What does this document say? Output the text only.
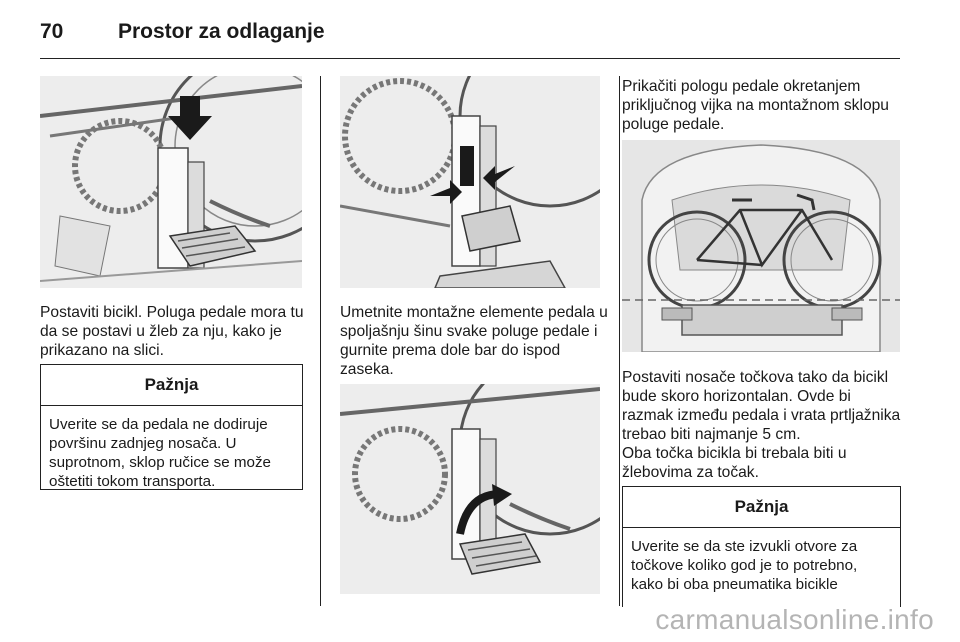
70	Prostor za odlaganje

Postaviti bicikl. Poluga pedale mora tu da se postavi u žleb za nju, kako je prikazano na slici.

Pažnja
Uverite se da pedala ne dodiruje površinu zadnjeg nosača. U suprotnom, sklop ručice se može oštetiti tokom transporta.

Umetnite montažne elemente pedala u spoljašnju šinu svake poluge pedale i gurnite prema dole bar do ispod zaseka.

Prikačiti pologu pedale okretanjem priključnog vijka na montažnom sklopu poluge pedale.

Postaviti nosače točkova tako da bicikl bude skoro horizontalan. Ovde bi razmak između pedala i vrata prtljažnika trebao biti najmanje 5 cm.

Oba točka bicikla bi trebala biti u žlebovima za točak.

Pažnja
Uverite se da ste izvukli otvore za točkove koliko god je to potrebno, kako bi oba pneumatika bicikle
carmanualsonline.info
